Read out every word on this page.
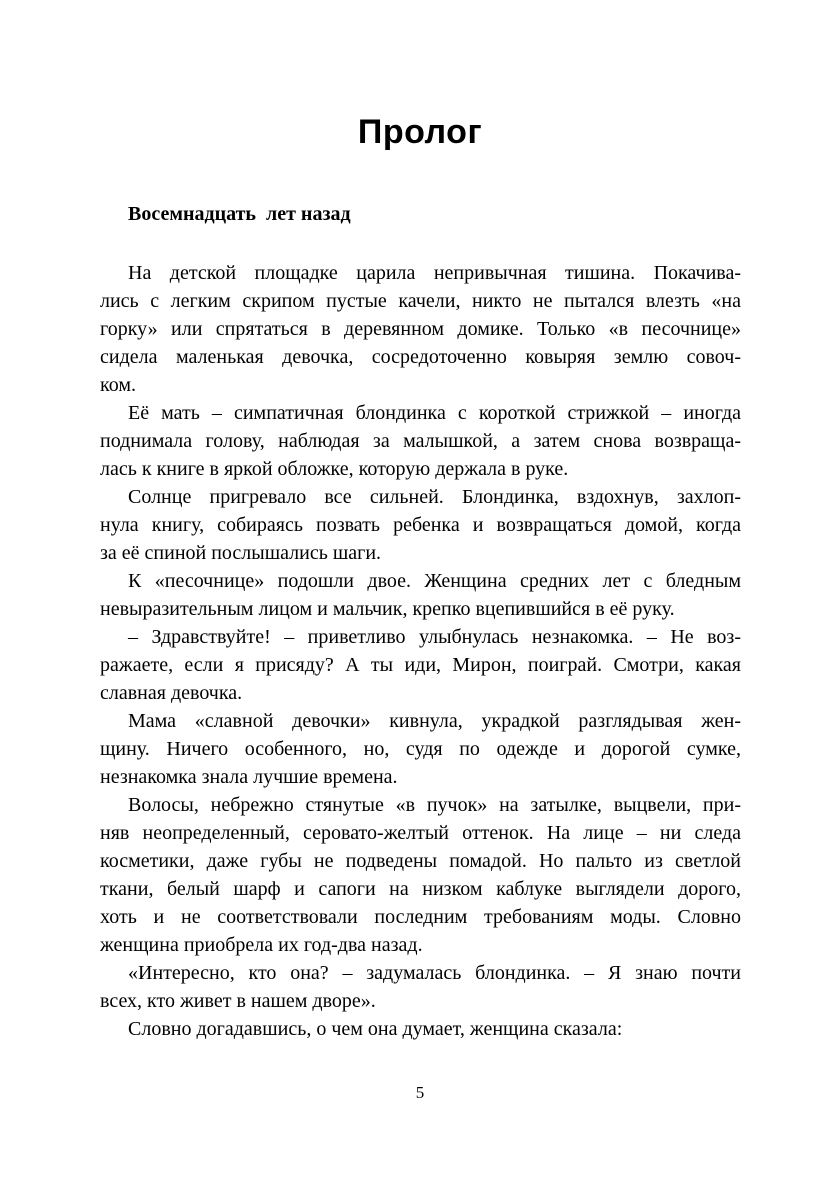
Пролог
Восемнадцать  лет назад
На детской площадке царила непривычная тишина. Покачива-
лись с легким скрипом пустые качели, никто не пытался влезть «на
горку» или спрятаться в деревянном домике. Только «в песочнице»
сидела маленькая девочка, сосредоточенно ковыряя землю совоч-
ком.
Её мать – симпатичная блондинка с короткой стрижкой – иногда
поднимала голову, наблюдая за малышкой, а затем снова возвраща-
лась к книге в яркой обложке, которую держала в руке.
Солнце пригревало все сильней. Блондинка, вздохнув, захлоп-
нула книгу, собираясь позвать ребенка и возвращаться домой, когда
за её спиной послышались шаги.
К «песочнице» подошли двое. Женщина средних лет с бледным
невыразительным лицом и мальчик, крепко вцепившийся в её руку.
– Здравствуйте! – приветливо улыбнулась незнакомка. – Не воз-
ражаете, если я присяду? А ты иди, Мирон, поиграй. Смотри, какая
славная девочка.
Мама «славной девочки» кивнула, украдкой разглядывая жен-
щину. Ничего особенного, но, судя по одежде и дорогой сумке,
незнакомка знала лучшие времена.
Волосы, небрежно стянутые «в пучок» на затылке, выцвели, при-
няв неопределенный, серовато-желтый оттенок. На лице – ни следа
косметики, даже губы не подведены помадой. Но пальто из светлой
ткани, белый шарф и сапоги на низком каблуке выглядели дорого,
хоть и не соответствовали последним требованиям моды. Словно
женщина приобрела их год-два назад.
«Интересно, кто она? – задумалась блондинка. – Я знаю почти
всех, кто живет в нашем дворе».
Словно догадавшись, о чем она думает, женщина сказала:
5
